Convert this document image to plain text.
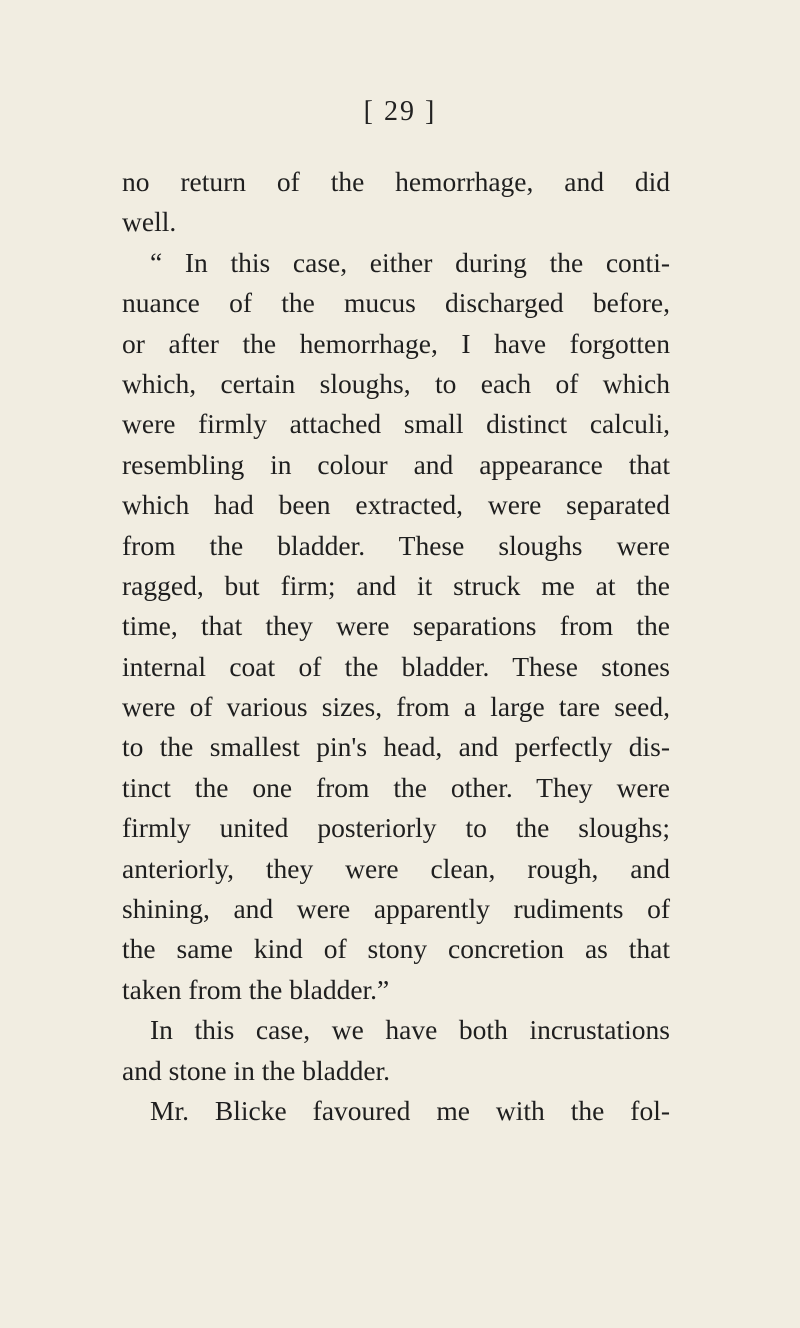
[ 29 ]
no return of the hemorrhage, and did
well.
“ In this case, either during the conti-
nuance of the mucus discharged before,
or after the hemorrhage, I have forgotten
which, certain sloughs, to each of which
were firmly attached small distinct calculi,
resembling in colour and appearance that
which had been extracted, were separated
from the bladder. These sloughs were
ragged, but firm; and it struck me at the
time, that they were separations from the
internal coat of the bladder. These stones
were of various sizes, from a large tare seed,
to the smallest pin's head, and perfectly dis-
tinct the one from the other. They were
firmly united posteriorly to the sloughs;
anteriorly, they were clean, rough, and
shining, and were apparently rudiments of
the same kind of stony concretion as that
taken from the bladder.”
In this case, we have both incrustations
and stone in the bladder.
Mr. Blicke favoured me with the fol-
